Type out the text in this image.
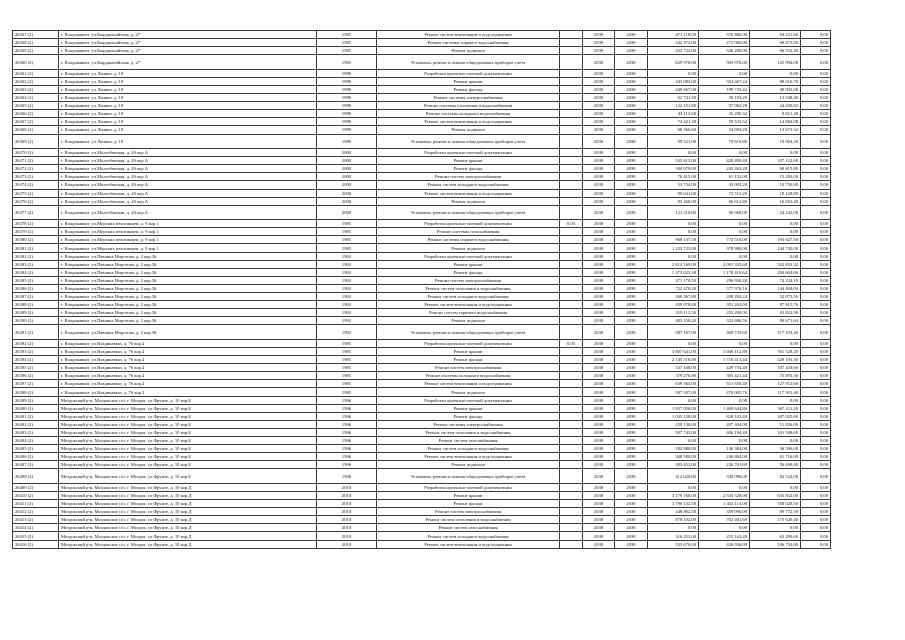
26357 (2)	г. Владикавказ, ул.Кырджалийская, д. 27	1985	Ремонт систем вентиляции и подсоединения		2038	2038	471 118,00	376 886,00	94 221,60	0,00
26358 (2)	г. Владикавказ, ул.Кырджалийская, д. 27	1985	Ремонт системы горячего водоснабжения		2038	2038	342 372,00	273 900,00	68 475,00	0,00
26359 (2)	г. Владикавказ, ул.Кырджалийская, д. 27	1985	Ремонт подвалов		2038	2038	432 722,00	346 200,00	86 532,40	0,00
26360 (2)	г. Владикавказ, ул.Кырджалийская, д. 27	1985	Установка, ремонт и замена общедомовых приборов учета		2038	2038	629 970,00	503 976,00	125 994,00	0,00
26361 (2)	г. Владикавказ, ул.Ленина, д. 18	1989	Разработка проектно-сметной документации		2038	2038	0,00	0,00	0,00	0,00
26362 (2)	г. Владикавказ, ул.Ленина, д. 18	1989	Ремонт крыши		2038	2038	443 083,00	354 467,24	88 616,76	0,00
26363 (2)	г. Владикавказ, ул.Ленина, д. 18	1989	Ремонт фасада		2038	2038	249 667,00	199 733,42	49 933,58	0,00
26364 (2)	г. Владикавказ, ул.Ленина, д. 18	1989	Ремонт системы электроснабжения		2038	2038	62 741,50	50 193,20	12 548,30	0,00
26365 (2)	г. Владикавказ, ул.Ленина, д. 18	1989	Ремонт системы отопления и водоснабжения		2038	2038	122 151,80	97 962,28	24 430,82	0,00
26366 (2)	г. Владикавказ, ул.Ленина, д. 18	1989	Ремонт системы холодного водоснабжения		2038	2038	44 113,60	35 290,32	8 821,28	0,00
26367 (2)	г. Владикавказ, ул.Ленина, д. 18	1989	Ремонт систем вентиляции и подсоединения		2038	2038	74 421,30	59 533,52	14 884,08	0,00
26368 (2)	г. Владикавказ, ул.Ленина, д. 18	1989	Ремонт подвалов		2038	2038	68 366,60	54 693,28	13 673,32	0,00
26369 (2)	г. Владикавказ, ул.Ленина, д. 18	1989	Установка, ремонт и замена общедомовых приборов учета		2038	2038	99 521,00	79 616,80	19 904,20	0,00
26370 (2)	г. Владикавказ, ул.Малгобекская, д. 26 кор.А	2000	Разработка проектно-сметной документации		2038	2038	0,00	0,00	0,00	0,00
26371 (2)	г. Владикавказ, ул.Малгобекская, д. 26 кор.А	2000	Ремонт крыши		2038	2038	535 613,00	428 490,40	107 122,60	0,00
26372 (2)	г. Владикавказ, ул.Малгобекская, д. 26 кор.А	2000	Ремонт фасада		2038	2038	304 079,00	243 263,20	60 815,80	0,00
26373 (2)	г. Владикавказ, ул.Малгобекская, д. 26 кор.А	2000	Ремонт систем электроснабжения		2038	2038	76 415,00	61 132,00	15 283,00	0,00
26374 (2)	г. Владикавказ, ул.Малгобекская, д. 26 кор.А	2000	Ремонт систем холодного водоснабжения		2038	2038	53 734,00	43 003,20	10 750,80	0,00
26375 (2)	г. Владикавказ, ул.Малгобекская, д. 26 кор.А	2000	Ремонт систем вентиляции и подсоединения		2038	2038	90 641,00	72 515,20	18 128,80	0,00
26376 (2)	г. Владикавказ, ул.Малгобекская, д. 26 кор.А	2000	Ремонт подвалов		2038	2038	83 266,00	66 612,80	16 653,20	0,00
26377 (2)	г. Владикавказ, ул.Малгобекская, д. 26 кор.А	2000	Установка, ремонт и замена общедомовых приборов учета		2038	2038	121 210,00	96 968,00	24 242,00	0,00
26378 (2)	г. Владикавказ, ул.Морских пехотинцев, д. 9 кор.1	1985	Разработка проектно-сметной документации	0,03	2038	2038	0,00	0,00	0,00	0,00
26379 (2)	г. Владикавказ, ул.Морских пехотинцев, д. 9 кор.1	1985	Ремонт системы газоснабжения		2038	2038	0,00	0,00	0,00	0,00
26380 (2)	г. Владикавказ, ул.Морских пехотинцев, д. 9 кор.1	1985	Ремонт системы горячего водоснабжения		2038	2038	968 137,50	774 510,00	193 627,50	0,00
26381 (2)	г. Владикавказ, ул.Морских пехотинцев, д. 9 кор.1	1985	Ремонт подвалов		2038	2038	1 223 725,00	978 980,00	244 745,00	0,00
26382 (2)	г. Владикавказ, ул.Павлика Морозова, д. 2 кор.36	1992	Разработка проектно-сметной документации		2038	2038	0,00	0,00	0,00	0,00
26383 (2)	г. Владикавказ, ул.Павлика Морозова, д. 2 кор.36	1992	Ремонт крыши		2038	2038	2 614 169,00	2 091 335,68	522 833,32	0,00
26384 (2)	г. Владикавказ, ул.Павлика Морозова, д. 2 кор.36	1992	Ремонт фасада		2038	2038	1 473 023,30	1 178 418,64	294 604,66	0,00
26385 (2)	г. Владикавказ, ул.Павлика Морозова, д. 2 кор.36	1992	Ремонт систем электроснабжения		2038	2038	371 170,50	296 936,40	74 234,10	0,00
26386 (2)	г. Владикавказ, ул.Павлика Морозова, д. 2 кор.36	1992	Ремонт систем отопления и водоснабжения		2038	2038	722 470,20	577 976,16	144 494,04	0,00
26387 (2)	г. Владикавказ, ул.Павлика Морозова, д. 2 кор.36	1992	Ремонт систем холодного водоснабжения		2038	2038	260 367,80	208 294,24	52 073,56	0,00
26388 (2)	г. Владикавказ, ул.Павлика Морозова, д. 2 кор.36	1992	Ремонт систем вентиляции и подсоединения		2038	2038	439 078,80	351 263,04	87 815,76	0,00
26389 (2)	г. Владикавказ, ул.Павлика Морозова, д. 2 кор.36	1992	Ремонт систем горячего водоснабжения		2038	2038	319 112,50	255 290,00	63 822,50	0,00
26390 (2)	г. Владикавказ, ул.Павлика Морозова, д. 2 кор.36	1992	Ремонт подвалов		2038	2038	403 358,20	322 686,56	80 671,64	0,00
26391 (2)	г. Владикавказ, ул.Павлика Морозова, д. 2 кор.36	1992	Установка, ремонт и замена общедомовых приборов учета		2038	2038	587 167,00	469 733,60	117 433,40	0,00
26392 (2)	г. Владикавказ, ул.Владикавказ, д. 76 кор.2	1985	Разработка проектно-сметной документации	0,05	2038	2038	0,00	0,00	0,00	0,00
26393 (2)	г. Владикавказ, ул.Владикавказ, д. 76 кор.2	1985	Ремонт крыши		2038	2038	3 807 641,00	3 046 112,80	761 528,20	0,00
26394 (2)	г. Владикавказ, ул.Владикавказ, д. 76 кор.2	1985	Ремонт фасада		2038	2038	2 145 516,80	1 716 413,44	429 103,36	0,00
26395 (2)	г. Владикавказ, ул.Владикавказ, д. 76 кор.2	1985	Ремонт систем электроснабжения		2038	2038	537 168,00	429 734,40	107 433,60	0,00
26396 (2)	г. Владикавказ, ул.Владикавказ, д. 76 кор.2	1985	Ремонт системы холодного водоснабжения		2038	2038	379 276,80	303 421,44	75 855,36	0,00
26397 (2)	г. Владикавказ, ул.Владикавказ, д. 76 кор.2	1985	Ремонт систем вентиляции и подсоединения		2038	2038	639 563,00	511 650,40	127 912,60	0,00
26398 (2)	г. Владикавказ, ул.Владикавказ, д. 76 кор.2	1985	Ремонт подвалов		2038	2038	587 507,00	470 005,76	117 501,40	0,00
26399 (2)	Моздокский р-н, Моздокское с/п, г. Моздок, ул.Фрунзе, д. 10 кор.Б	1996	Разработка проектно-сметной документации		2038	2038	0,00	0,00	0,00	0,00
26400 (2)	Моздокский р-н, Моздокское с/п, г. Моздок, ул.Фрунзе, д. 10 кор.Б	1996	Ремонт крыши		2038	2038	1 837 056,00	1 469 644,80	367 411,20	0,00
26401 (2)	Моздокский р-н, Моздокское с/п, г. Моздок, ул.Фрунзе, д. 10 кор.Б	1996	Ремонт фасада		2038	2038	1 035 128,00	828 102,40	207 025,60	0,00
26402 (2)	Моздокский р-н, Моздокское с/п, г. Моздок, ул.Фрунзе, д. 10 кор.Б	1996	Ремонт системы электроснабжения		2038	2038	259 130,00	207 304,00	51 826,00	0,00
26403 (2)	Моздокский р-н, Моздокское с/п, г. Моздок, ул.Фрунзе, д. 10 кор.Б	1996	Ремонт систем отопления и водоснабжения		2038	2038	507 743,00	406 194,40	101 548,60	0,00
26404 (2)	Моздокский р-н, Моздокское с/п, г. Моздок, ул.Фрунзе, д. 10 кор.Б	1996	Ремонт систем газоснабжения		2038	2038	0,00	0,00	0,00	0,00
26405 (2)	Моздокский р-н, Моздокское с/п, г. Моздок, ул.Фрунзе, д. 10 кор.Б	1996	Ремонт систем холодного водоснабжения		2038	2038	182 980,00	146 384,00	36 596,00	0,00
26406 (2)	Моздокский р-н, Моздокское с/п, г. Моздок, ул.Фрунзе, д. 10 кор.Б	1996	Ремонт систем вентиляции и подсоединения		2038	2038	308 580,00	246 864,00	61 716,00	0,00
26407 (2)	Моздокский р-н, Моздокское с/п, г. Моздок, ул.Фрунзе, д. 10 кор.Б	1996	Ремонт подвалов		2038	2038	283 452,00	226 761,60	56 690,40	0,00
26408 (2)	Моздокский р-н, Моздокское с/п, г. Моздок, ул.Фрунзе, д. 10 кор.Б	1996	Установка, ремонт и замена общедомовых приборов учета		2038	2038	412 620,00	330 096,00	82 524,00	0,00
26409 (2)	Моздокский р-н, Моздокское с/п, г. Моздок, ул.Фрунзе, д. 10 кор.Д	2010	Разработка проектно-сметной документации		2038	2038	0,00	0,00	0,00	0,00
26410 (2)	Моздокский р-н, Моздокское с/п, г. Моздок, ул.Фрунзе, д. 10 кор.Д	2010	Ремонт крыши		2038	2038	3 179 160,00	2 543 328,00	635 832,00	0,00
26411 (2)	Моздокский р-н, Моздокское с/п, г. Моздок, ул.Фрунзе, д. 10 кор.Д	2010	Ремонт фасада		2038	2038	1 790 132,50	1 432 114,00	358 028,50	0,00
26412 (2)	Моздокский р-н, Моздокское с/п, г. Моздок, ул.Фрунзе, д. 10 кор.Д	2010	Ремонт систем электроснабжения		2038	2038	448 862,50	359 090,00	89 772,50	0,00
26413 (2)	Моздокский р-н, Моздокское с/п, г. Моздок, ул.Фрунзе, д. 10 кор.Д	2010	Ремонт систем отопления и водоснабжения		2038	2038	878 102,00	702 481,60	175 620,40	0,00
26414 (2)	Моздокский р-н, Моздокское с/п, г. Моздок, ул.Фрунзе, д. 10 кор.Д	2010	Ремонт систем газоснабжения		2038	2038	0,00	0,00	0,00	0,00
26415 (2)	Моздокский р-н, Моздокское с/п, г. Моздок, ул.Фрунзе, д. 10 кор.Д	2010	Ремонт систем холодного водоснабжения		2038	2038	316 453,00	253 162,40	63 290,60	0,00
26416 (2)	Моздокский р-н, Моздокское с/п, г. Моздок, ул.Фрунзе, д. 10 кор.Д	2010	Ремонт систем вентиляции и подсоединения		2038	2038	533 670,00	426 936,00	106 734,00	0,00
